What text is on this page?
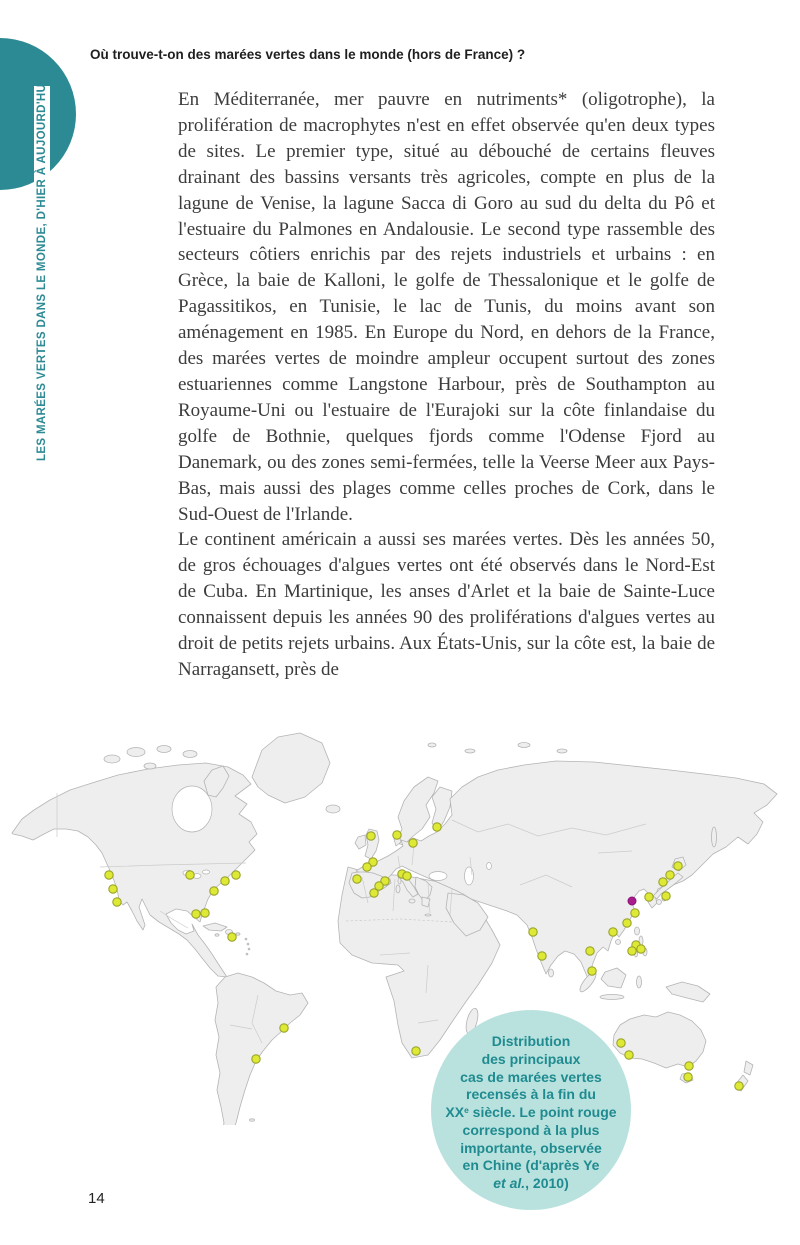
LES MARÉES VERTES DANS LE MONDE, D'HIER À AUJOURD'HUI
Où trouve-t-on des marées vertes dans le monde (hors de France) ?

En Méditerranée, mer pauvre en nutriments* (oligotrophe), la prolifération de macrophytes n'est en effet observée qu'en deux types de sites. Le premier type, situé au débouché de certains fleuves drainant des bassins versants très agricoles, compte en plus de la lagune de Venise, la lagune Sacca di Goro au sud du delta du Pô et l'estuaire du Palmones en Andalousie. Le second type rassemble des secteurs côtiers enrichis par des rejets industriels et urbains : en Grèce, la baie de Kalloni, le golfe de Thessalonique et le golfe de Pagassitikos, en Tunisie, le lac de Tunis, du moins avant son aménagement en 1985. En Europe du Nord, en dehors de la France, des marées vertes de moindre ampleur occupent surtout des zones estuariennes comme Langstone Harbour, près de Southampton au Royaume-Uni ou l'estuaire de l'Eurajoki sur la côte finlandaise du golfe de Bothnie, quelques fjords comme l'Odense Fjord au Danemark, ou des zones semi-fermées, telle la Veerse Meer aux Pays-Bas, mais aussi des plages comme celles proches de Cork, dans le Sud-Ouest de l'Irlande.

Le continent américain a aussi ses marées vertes. Dès les années 50, de gros échouages d'algues vertes ont été observés dans le Nord-Est de Cuba. En Martinique, les anses d'Arlet et la baie de Sainte-Luce connaissent depuis les années 90 des proliférations d'algues vertes au droit de petits rejets urbains. Aux États-Unis, sur la côte est, la baie de Narragansett, près de

Distribution
des principaux
cas de marées vertes
recensés à la fin du
XXe siècle. Le point rouge
correspond à la plus
importante, observée
en Chine (d'après Ye
et al., 2010)
14
